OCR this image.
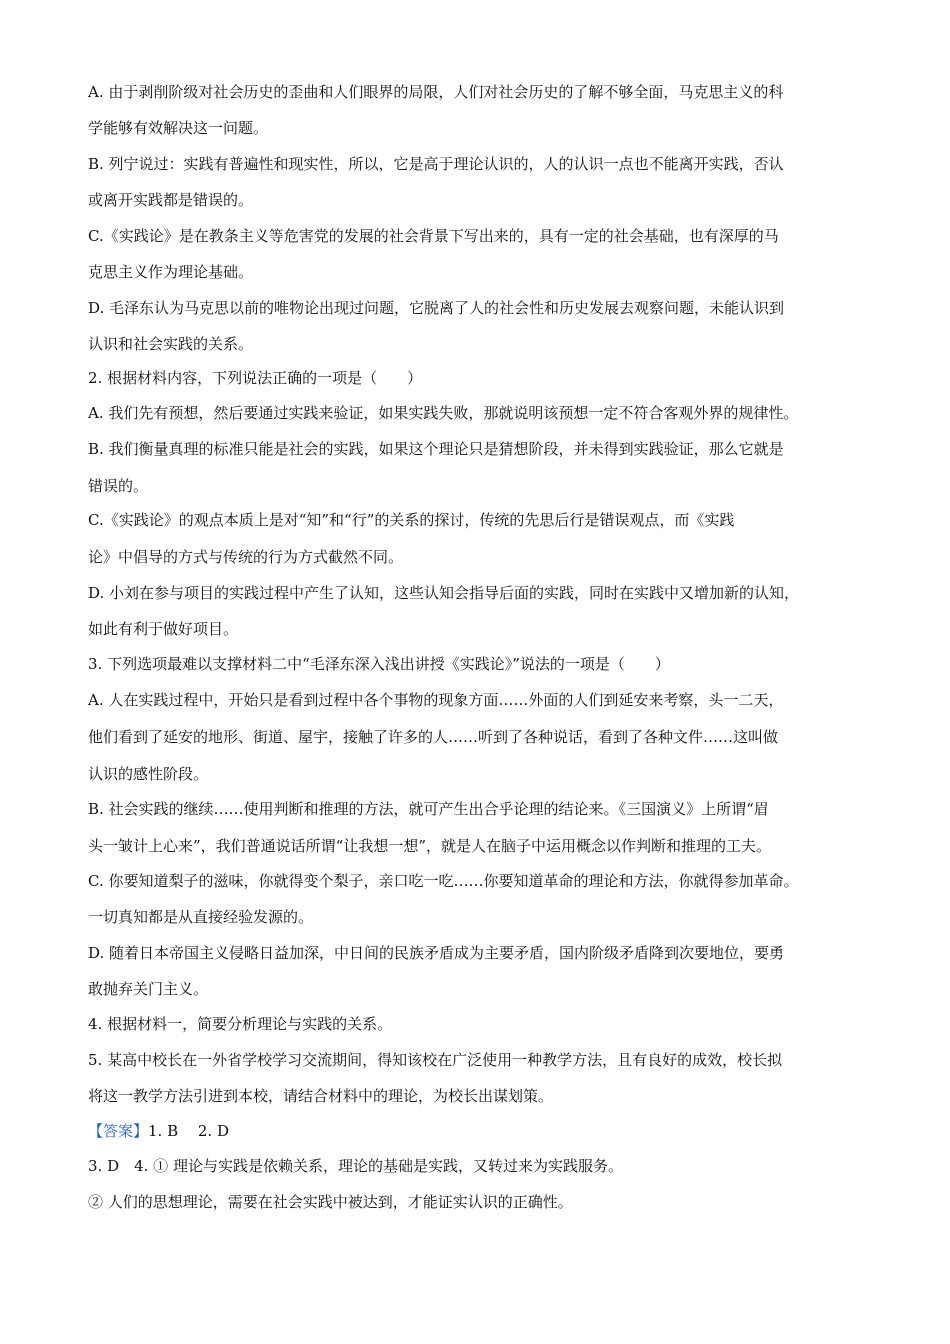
A. 由于剥削阶级对社会历史的歪曲和人们眼界的局限，人们对社会历史的了解不够全面，马克思主义的科
学能够有效解决这一问题。
B. 列宁说过：实践有普遍性和现实性，所以，它是高于理论认识的，人的认识一点也不能离开实践，否认
或离开实践都是错误的。
C.《实践论》是在教条主义等危害党的发展的社会背景下写出来的，具有一定的社会基础，也有深厚的马
克思主义作为理论基础。
D. 毛泽东认为马克思以前的唯物论出现过问题，它脱离了人的社会性和历史发展去观察问题，未能认识到
认识和社会实践的关系。
2. 根据材料内容，下列说法正确的一项是（　　）
A. 我们先有预想，然后要通过实践来验证，如果实践失败，那就说明该预想一定不符合客观外界的规律性。
B. 我们衡量真理的标准只能是社会的实践，如果这个理论只是猜想阶段，并未得到实践验证，那么它就是
错误的。
C.《实践论》的观点本质上是对“知”和“行”的关系的探讨，传统的先思后行是错误观点，而《实践
论》中倡导的方式与传统的行为方式截然不同。
D. 小刘在参与项目的实践过程中产生了认知，这些认知会指导后面的实践，同时在实践中又增加新的认知，
如此有利于做好项目。
3. 下列选项最难以支撑材料二中“毛泽东深入浅出讲授《实践论》”说法的一项是（　　）
A. 人在实践过程中，开始只是看到过程中各个事物的现象方面……外面的人们到延安来考察，头一二天，
他们看到了延安的地形、街道、屋宇，接触了许多的人……听到了各种说话，看到了各种文件……这叫做
认识的感性阶段。
B. 社会实践的继续……使用判断和推理的方法，就可产生出合乎论理的结论来。《三国演义》上所谓“眉
头一皱计上心来”，我们普通说话所谓“让我想一想”，就是人在脑子中运用概念以作判断和推理的工夫。
C. 你要知道梨子的滋味，你就得变个梨子，亲口吃一吃……你要知道革命的理论和方法，你就得参加革命。
一切真知都是从直接经验发源的。
D. 随着日本帝国主义侵略日益加深，中日间的民族矛盾成为主要矛盾，国内阶级矛盾降到次要地位，要勇
敢抛弃关门主义。
4. 根据材料一，简要分析理论与实践的关系。
5. 某高中校长在一外省学校学习交流期间，得知该校在广泛使用一种教学方法，且有良好的成效，校长拟
将这一教学方法引进到本校，请结合材料中的理论，为校长出谋划策。
【答案】1. B　 2. D
3. D　4. ① 理论与实践是依赖关系，理论的基础是实践，又转过来为实践服务。
② 人们的思想理论，需要在社会实践中被达到，才能证实认识的正确性。
